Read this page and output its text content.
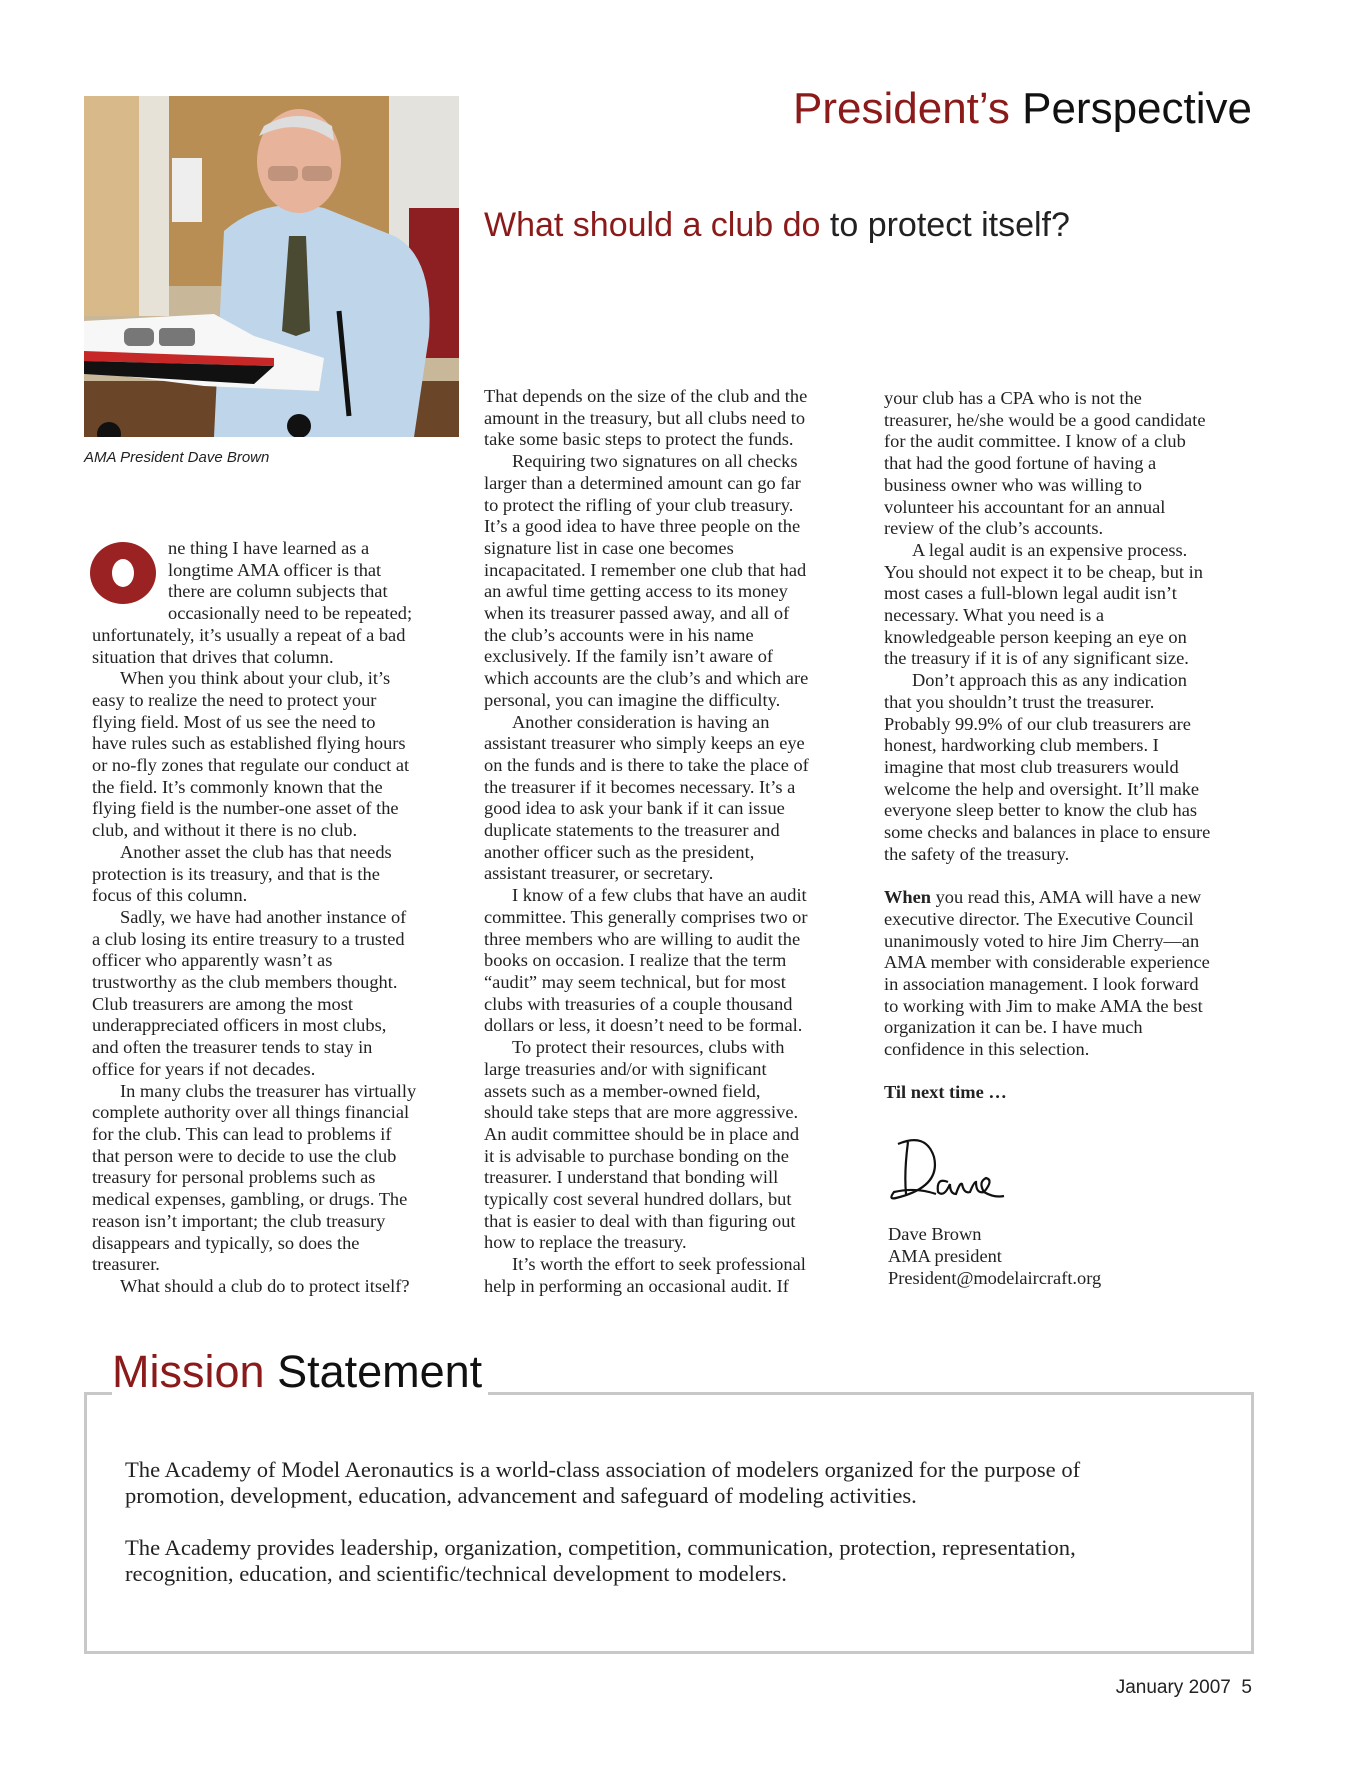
President’s Perspective
AMA President Dave Brown
What should a club do to protect itself?

ne thing I have learned as a
longtime AMA officer is that
there are column subjects that
occasionally need to be repeated;
unfortunately, it’s usually a repeat of a bad
situation that drives that column.

When you think about your club, it’s
easy to realize the need to protect your
flying field. Most of us see the need to
have rules such as established flying hours
or no-fly zones that regulate our conduct at
the field. It’s commonly known that the
flying field is the number-one asset of the
club, and without it there is no club.

Another asset the club has that needs
protection is its treasury, and that is the
focus of this column.

Sadly, we have had another instance of
a club losing its entire treasury to a trusted
officer who apparently wasn’t as
trustworthy as the club members thought.
Club treasurers are among the most
underappreciated officers in most clubs,
and often the treasurer tends to stay in
office for years if not decades.

In many clubs the treasurer has virtually
complete authority over all things financial
for the club. This can lead to problems if
that person were to decide to use the club
treasury for personal problems such as
medical expenses, gambling, or drugs. The
reason isn’t important; the club treasury
disappears and typically, so does the
treasurer.

What should a club do to protect itself?

That depends on the size of the club and the
amount in the treasury, but all clubs need to
take some basic steps to protect the funds.

Requiring two signatures on all checks
larger than a determined amount can go far
to protect the rifling of your club treasury.
It’s a good idea to have three people on the
signature list in case one becomes
incapacitated. I remember one club that had
an awful time getting access to its money
when its treasurer passed away, and all of
the club’s accounts were in his name
exclusively. If the family isn’t aware of
which accounts are the club’s and which are
personal, you can imagine the difficulty.

Another consideration is having an
assistant treasurer who simply keeps an eye
on the funds and is there to take the place of
the treasurer if it becomes necessary. It’s a
good idea to ask your bank if it can issue
duplicate statements to the treasurer and
another officer such as the president,
assistant treasurer, or secretary.

I know of a few clubs that have an audit
committee. This generally comprises two or
three members who are willing to audit the
books on occasion. I realize that the term
“audit” may seem technical, but for most
clubs with treasuries of a couple thousand
dollars or less, it doesn’t need to be formal.

To protect their resources, clubs with
large treasuries and/or with significant
assets such as a member-owned field,
should take steps that are more aggressive.
An audit committee should be in place and
it is advisable to purchase bonding on the
treasurer. I understand that bonding will
typically cost several hundred dollars, but
that is easier to deal with than figuring out
how to replace the treasury.

It’s worth the effort to seek professional
help in performing an occasional audit. If

your club has a CPA who is not the
treasurer, he/she would be a good candidate
for the audit committee. I know of a club
that had the good fortune of having a
business owner who was willing to
volunteer his accountant for an annual
review of the club’s accounts.

A legal audit is an expensive process.
You should not expect it to be cheap, but in
most cases a full-blown legal audit isn’t
necessary. What you need is a
knowledgeable person keeping an eye on
the treasury if it is of any significant size.

Don’t approach this as any indication
that you shouldn’t trust the treasurer.
Probably 99.9% of our club treasurers are
honest, hardworking club members. I
imagine that most club treasurers would
welcome the help and oversight. It’ll make
everyone sleep better to know the club has
some checks and balances in place to ensure
the safety of the treasury.

When you read this, AMA will have a new
executive director. The Executive Council
unanimously voted to hire Jim Cherry—an
AMA member with considerable experience
in association management. I look forward
to working with Jim to make AMA the best
organization it can be. I have much
confidence in this selection.

Til next time …

Dave Brown

AMA president

President@modelaircraft.org

Mission Statement

The Academy of Model Aeronautics is a world-class association of modelers organized for the purpose of
promotion, development, education, advancement and safeguard of modeling activities.

The Academy provides leadership, organization, competition, communication, protection, representation,
recognition, education, and scientific/technical development to modelers.

January 2007 5
